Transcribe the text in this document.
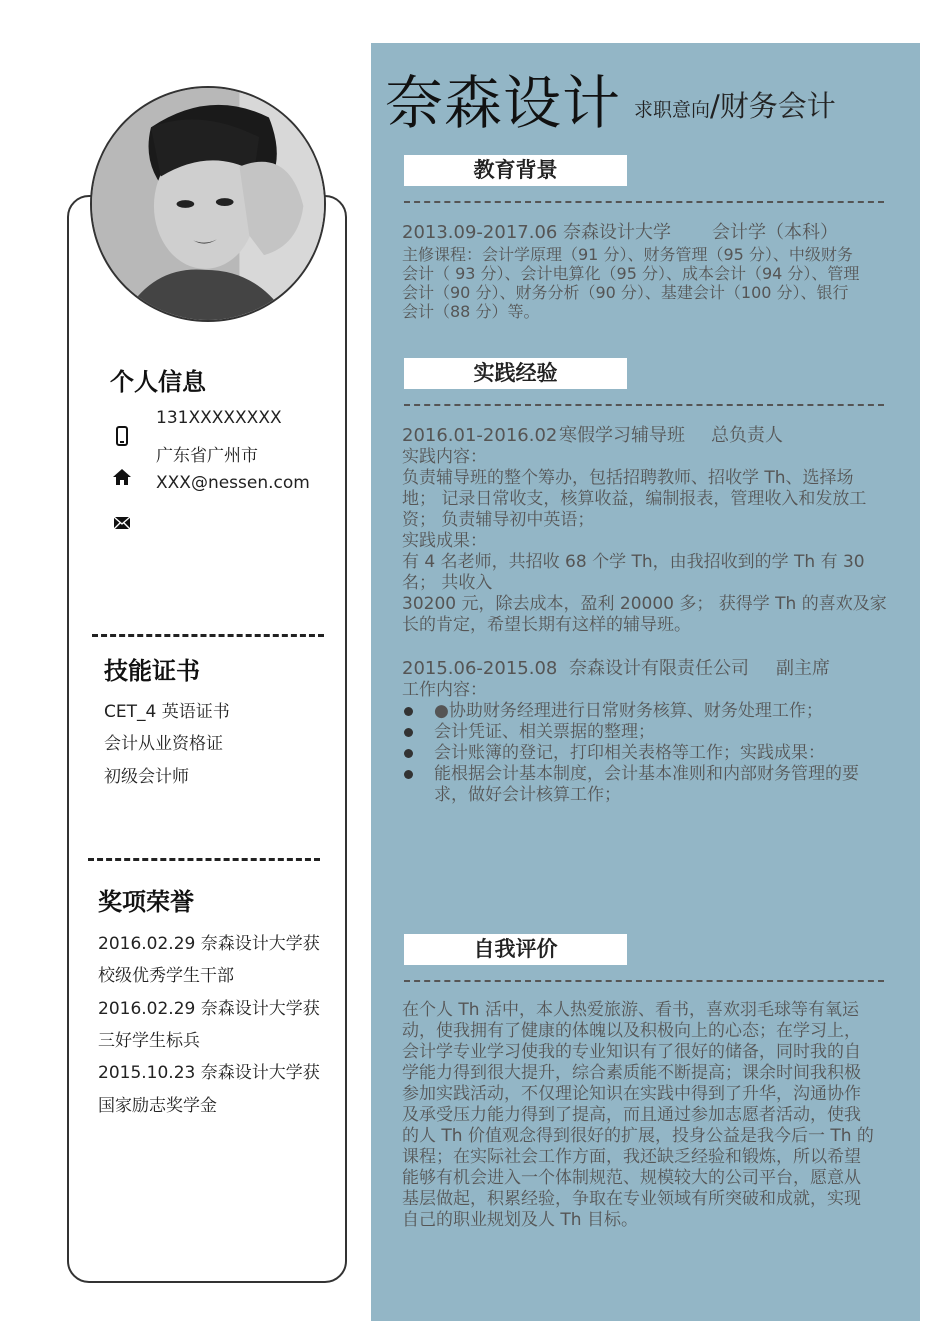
个人信息
131XXXXXXXX
广东省广州市
XXX@nessen.com
技能证书
CET_4 英语证书
会计从业资格证
初级会计师
奖项荣誉
2016.02.29 奈森设计大学获
校级优秀学生干部
2016.02.29 奈森设计大学获
三好学生标兵
2015.10.23 奈森设计大学获
国家励志奖学金
奈森设计 求职意向/财务会计
教育背景
2013.09-2017.06 奈森设计大学 会计学（本科）
主修课程：会计学原理（91 分）、财务管理（95 分）、中级财务
会计（ 93 分）、会计电算化（95 分）、成本会计（94 分）、管理
会计（90 分）、财务分析（90 分）、基建会计（100 分）、银行
会计（88 分）等。
实践经验
2016.01-2016.02 寒假学习辅导班 总负责人
实践内容：
负责辅导班的整个筹办，包括招聘教师、招收学 Th、选择场
地； 记录日常收支，核算收益，编制报表，管理收入和发放工
资； 负责辅导初中英语；
实践成果：
有 4 名老师，共招收 68 个学 Th，由我招收到的学 Th 有 30
名； 共收入
30200 元，除去成本，盈利 20000 多； 获得学 Th 的喜欢及家
长的肯定，希望长期有这样的辅导班。
2015.06-2015.08 奈森设计有限责任公司 副主席
工作内容：
●协助财务经理进行日常财务核算、财务处理工作；
会计凭证、相关票据的整理；
会计账簿的登记，打印相关表格等工作；实践成果：
能根据会计基本制度，会计基本准则和内部财务管理的要
求，做好会计核算工作；
自我评价
在个人 Th 活中，本人热爱旅游、看书，喜欢羽毛球等有氧运
动，使我拥有了健康的体魄以及积极向上的心态；在学习上，
会计学专业学习使我的专业知识有了很好的储备，同时我的自
学能力得到很大提升，综合素质能不断提高；课余时间我积极
参加实践活动，不仅理论知识在实践中得到了升华，沟通协作
及承受压力能力得到了提高，而且通过参加志愿者活动，使我
的人 Th 价值观念得到很好的扩展，投身公益是我今后一 Th 的
课程；在实际社会工作方面，我还缺乏经验和锻炼，所以希望
能够有机会进入一个体制规范、规模较大的公司平台，愿意从
基层做起，积累经验，争取在专业领域有所突破和成就，实现
自己的职业规划及人 Th 目标。
